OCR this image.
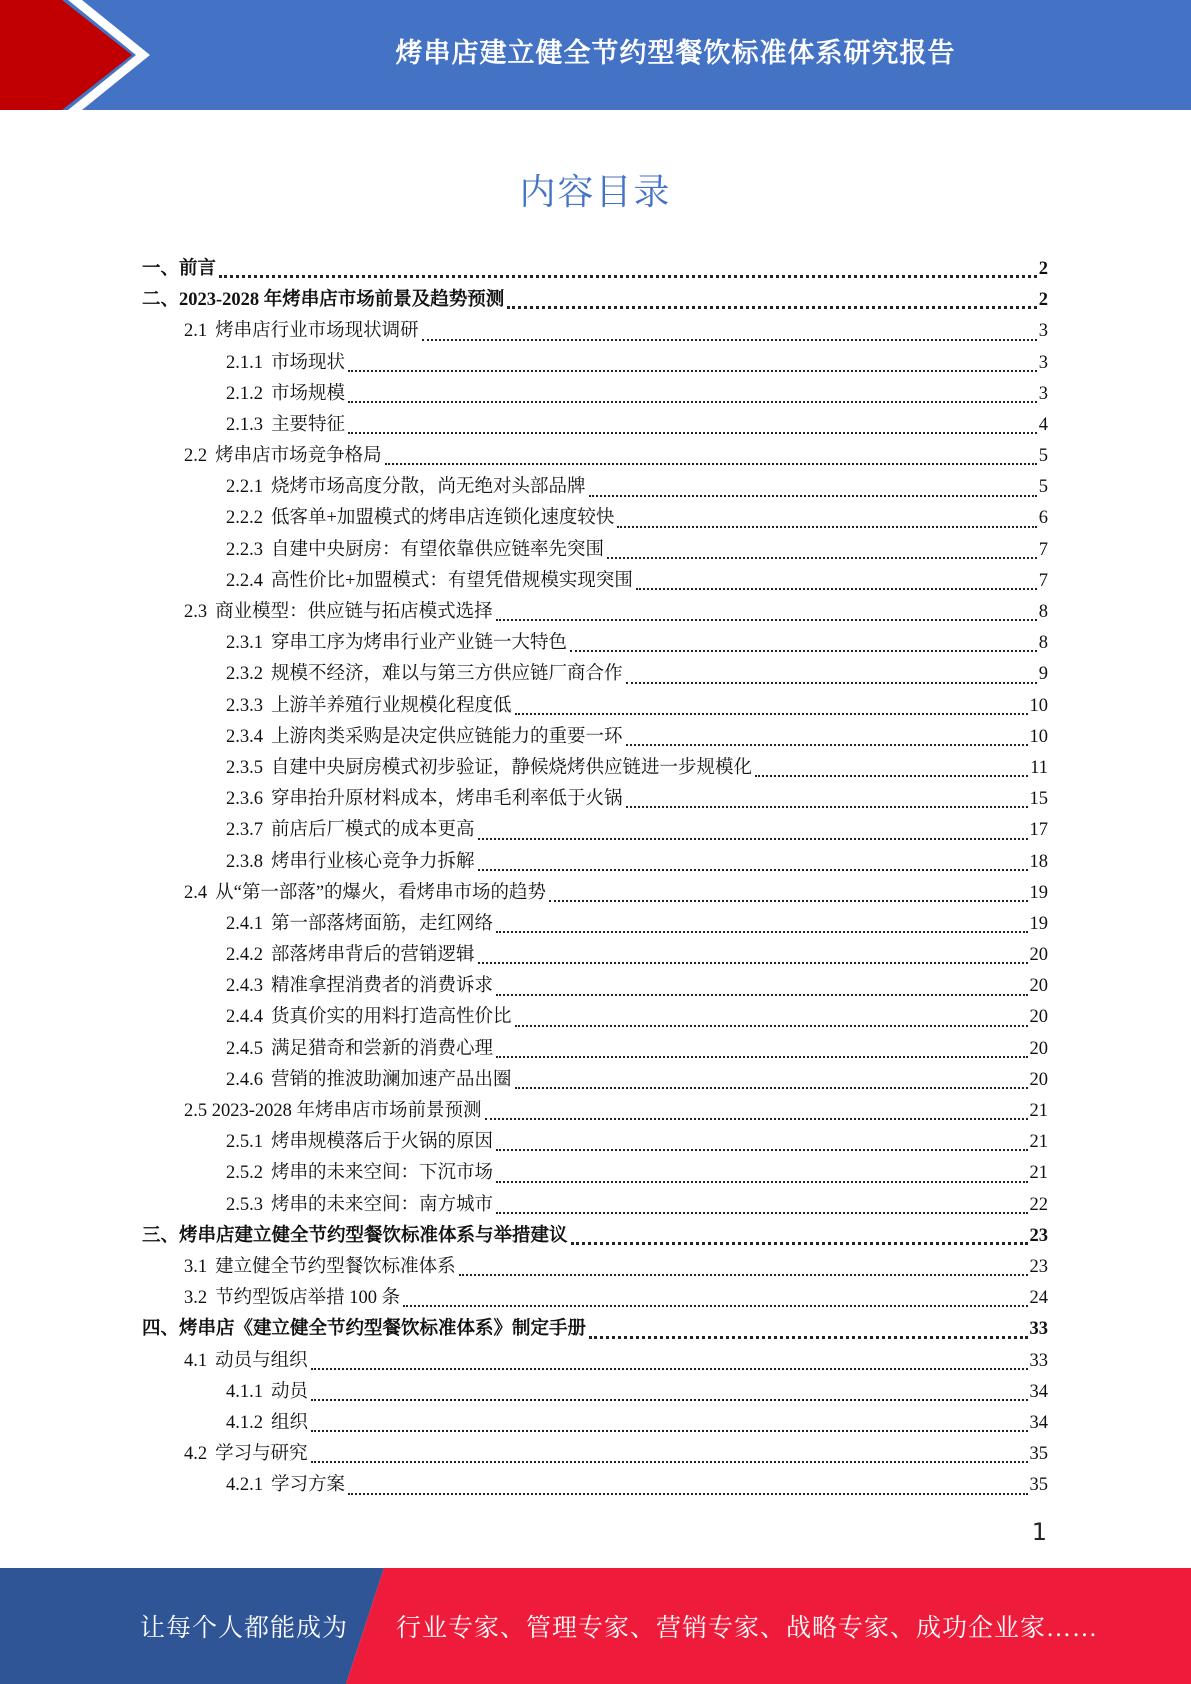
烤串店建立健全节约型餐饮标准体系研究报告
内容目录
一、前言	2
二、2023-2028 年烤串店市场前景及趋势预测	2
2.1 烤串店行业市场现状调研	3
2.1.1 市场现状	3
2.1.2 市场规模	3
2.1.3 主要特征	4
2.2 烤串店市场竞争格局	5
2.2.1 烧烤市场高度分散，尚无绝对头部品牌	5
2.2.2 低客单+加盟模式的烤串店连锁化速度较快	6
2.2.3 自建中央厨房：有望依靠供应链率先突围	7
2.2.4 高性价比+加盟模式：有望凭借规模实现突围	7
2.3 商业模型：供应链与拓店模式选择	8
2.3.1 穿串工序为烤串行业产业链一大特色	8
2.3.2 规模不经济，难以与第三方供应链厂商合作	9
2.3.3 上游羊养殖行业规模化程度低	10
2.3.4 上游肉类采购是决定供应链能力的重要一环	10
2.3.5 自建中央厨房模式初步验证，静候烧烤供应链进一步规模化	11
2.3.6 穿串抬升原材料成本，烤串毛利率低于火锅	15
2.3.7 前店后厂模式的成本更高	17
2.3.8 烤串行业核心竞争力拆解	18
2.4 从“第一部落”的爆火，看烤串市场的趋势	19
2.4.1 第一部落烤面筋，走红网络	19
2.4.2 部落烤串背后的营销逻辑	20
2.4.3 精准拿捏消费者的消费诉求	20
2.4.4 货真价实的用料打造高性价比	20
2.4.5 满足猎奇和尝新的消费心理	20
2.4.6 营销的推波助澜加速产品出圈	20
2.5 2023-2028 年烤串店市场前景预测	21
2.5.1 烤串规模落后于火锅的原因	21
2.5.2 烤串的未来空间：下沉市场	21
2.5.3 烤串的未来空间：南方城市	22
三、烤串店建立健全节约型餐饮标准体系与举措建议	23
3.1 建立健全节约型餐饮标准体系	23
3.2 节约型饭店举措 100 条	24
四、烤串店《建立健全节约型餐饮标准体系》制定手册	33
4.1 动员与组织	33
4.1.1 动员	34
4.1.2 组织	34
4.2 学习与研究	35
4.2.1 学习方案	35
1
让每个人都能成为 行业专家、管理专家、营销专家、战略专家、成功企业家……
